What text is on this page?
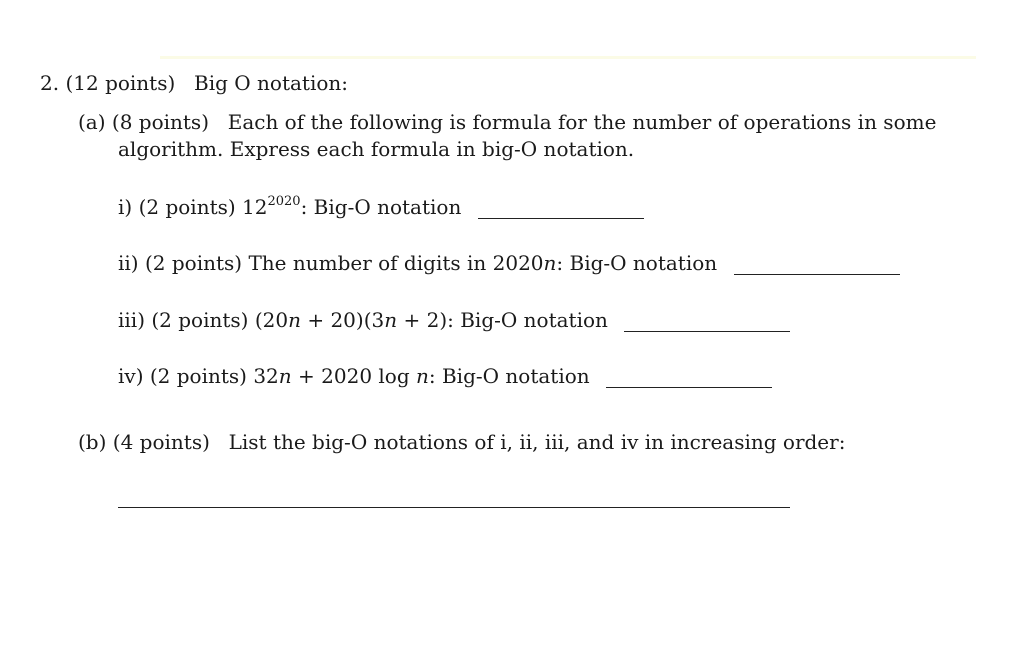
2. (12 points) Big O notation:
(a) (8 points) Each of the following is formula for the number of operations in some
algorithm. Express each formula in big-O notation.
i) (2 points) $12^{2020}$: Big-O notation
ii) (2 points) The number of digits in 2020n: Big-O notation
iii) (2 points) (20n + 20)(3n + 2): Big-O notation
iv) (2 points) 32n + 2020 log n: Big-O notation
(b) (4 points) List the big-O notations of i, ii, iii, and iv in increasing order:
